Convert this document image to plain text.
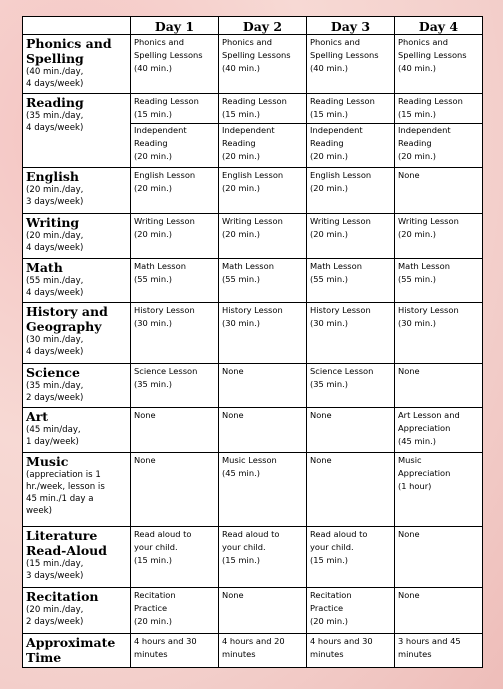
	Day 1	Day 2	Day 3	Day 4

Phonics and Spelling
(40 min./day,
4 days/week)	Phonics and
Spelling Lessons
(40 min.)	Phonics and
Spelling Lessons
(40 min.)	Phonics and
Spelling Lessons
(40 min.)	Phonics and
Spelling Lessons
(40 min.)

Reading
(35 min./day,
4 days/week)	Reading Lesson
(15 min.)
Independent
Reading
(20 min.)	Reading Lesson
(15 min.)
Independent
Reading
(20 min.)	Reading Lesson
(15 min.)
Independent
Reading
(20 min.)	Reading Lesson
(15 min.)
Independent
Reading
(20 min.)

English
(20 min./day,
3 days/week)	English Lesson
(20 min.)	English Lesson
(20 min.)	English Lesson
(20 min.)	None

Writing
(20 min./day,
4 days/week)	Writing Lesson
(20 min.)	Writing Lesson
(20 min.)	Writing Lesson
(20 min.)	Writing Lesson
(20 min.)

Math
(55 min./day,
4 days/week)	Math Lesson
(55 min.)	Math Lesson
(55 min.)	Math Lesson
(55 min.)	Math Lesson
(55 min.)

History and Geography
(30 min./day,
4 days/week)	History Lesson
(30 min.)	History Lesson
(30 min.)	History Lesson
(30 min.)	History Lesson
(30 min.)

Science
(35 min./day,
2 days/week)	Science Lesson
(35 min.)	None	Science Lesson
(35 min.)	None

Art
(45 min/day,
1 day/week)	None	None	None	Art Lesson and
Appreciation
(45 min.)

Music
(appreciation is 1
hr./week, lesson is
45 min./1 day a
week)	None	Music Lesson
(45 min.)	None	Music
Appreciation
(1 hour)

Literature Read-Aloud
(15 min./day,
3 days/week)	Read aloud to
your child.
(15 min.)	Read aloud to
your child.
(15 min.)	Read aloud to
your child.
(15 min.)	None

Recitation
(20 min./day,
2 days/week)	Recitation
Practice
(20 min.)	None	Recitation
Practice
(20 min.)	None

Approximate Time	4 hours and 30
minutes	4 hours and 20
minutes	4 hours and 30
minutes	3 hours and 45
minutes
